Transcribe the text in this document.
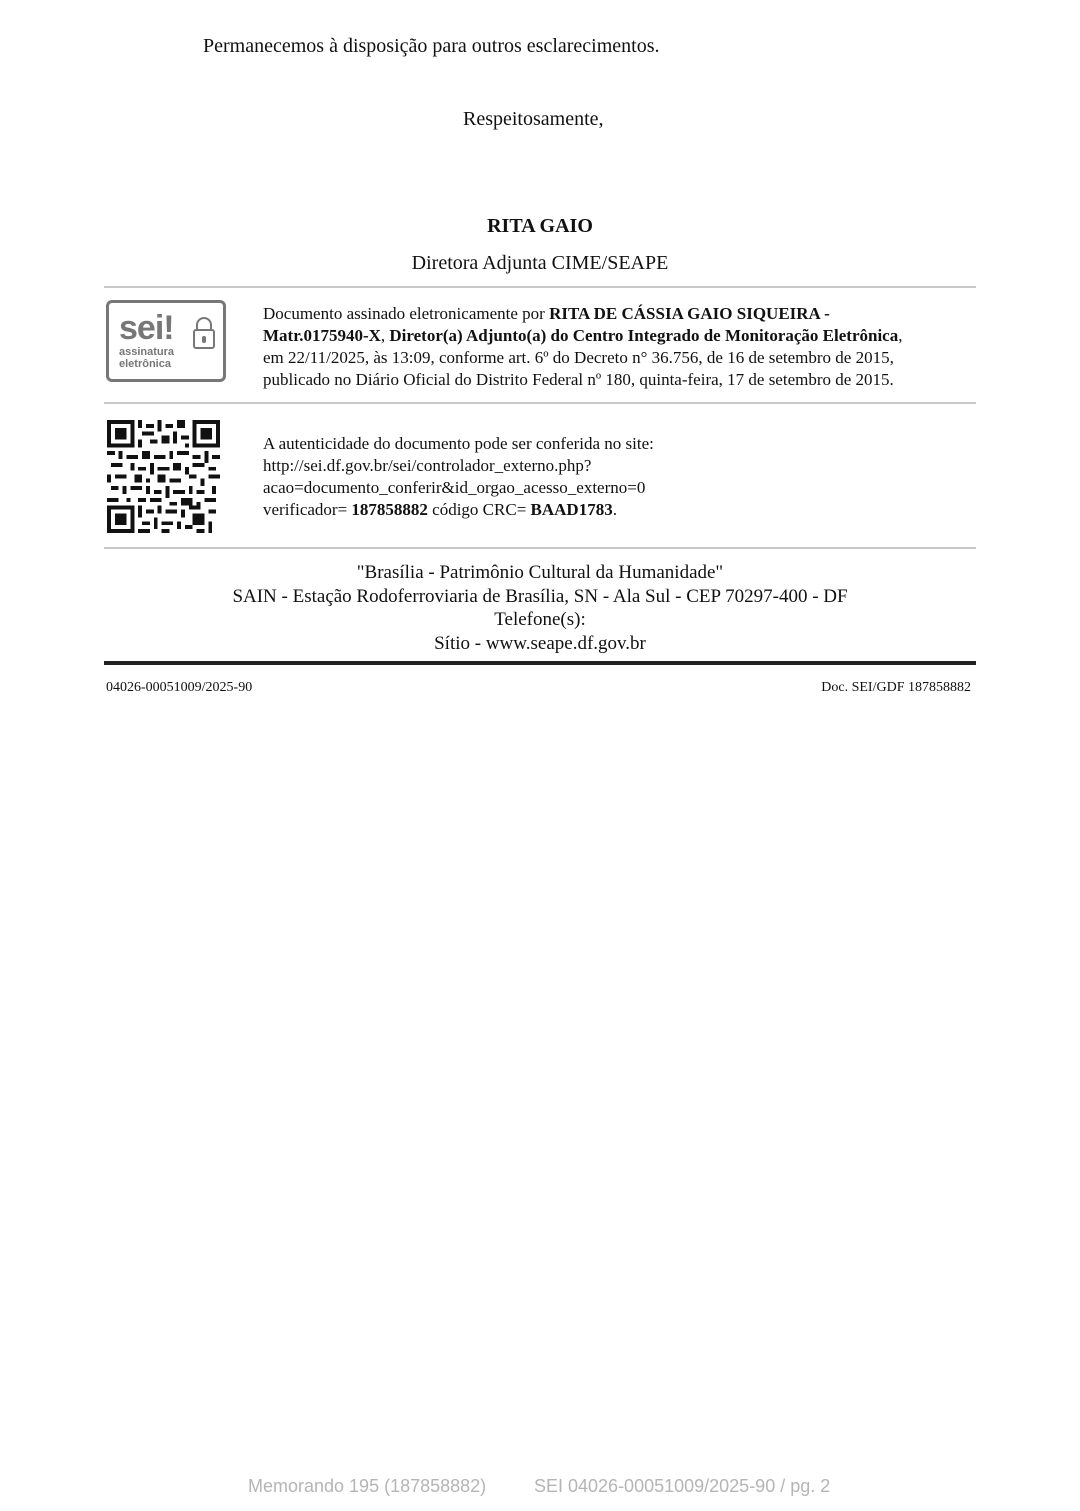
Permanecemos à disposição para outros esclarecimentos.
Respeitosamente,
RITA GAIO
Diretora Adjunta CIME/SEAPE
sei!
assinatura
eletrônica
Documento assinado eletronicamente por RITA DE CÁSSIA GAIO SIQUEIRA -
Matr.0175940-X, Diretor(a) Adjunto(a) do Centro Integrado de Monitoração Eletrônica,
em 22/11/2025, às 13:09, conforme art. 6º do Decreto n° 36.756, de 16 de setembro de 2015,
publicado no Diário Oficial do Distrito Federal nº 180, quinta-feira, 17 de setembro de 2015.
A autenticidade do documento pode ser conferida no site:
http://sei.df.gov.br/sei/controlador_externo.php?
acao=documento_conferir&id_orgao_acesso_externo=0
verificador= 187858882 código CRC= BAAD1783.
"Brasília - Patrimônio Cultural da Humanidade"
SAIN - Estação Rodoferroviaria de Brasília, SN - Ala Sul - CEP 70297-400 - DF
Telefone(s):
Sítio - www.seape.df.gov.br
04026-00051009/2025-90	Doc. SEI/GDF 187858882
Memorando 195 (187858882)	SEI 04026-00051009/2025-90 / pg. 2
